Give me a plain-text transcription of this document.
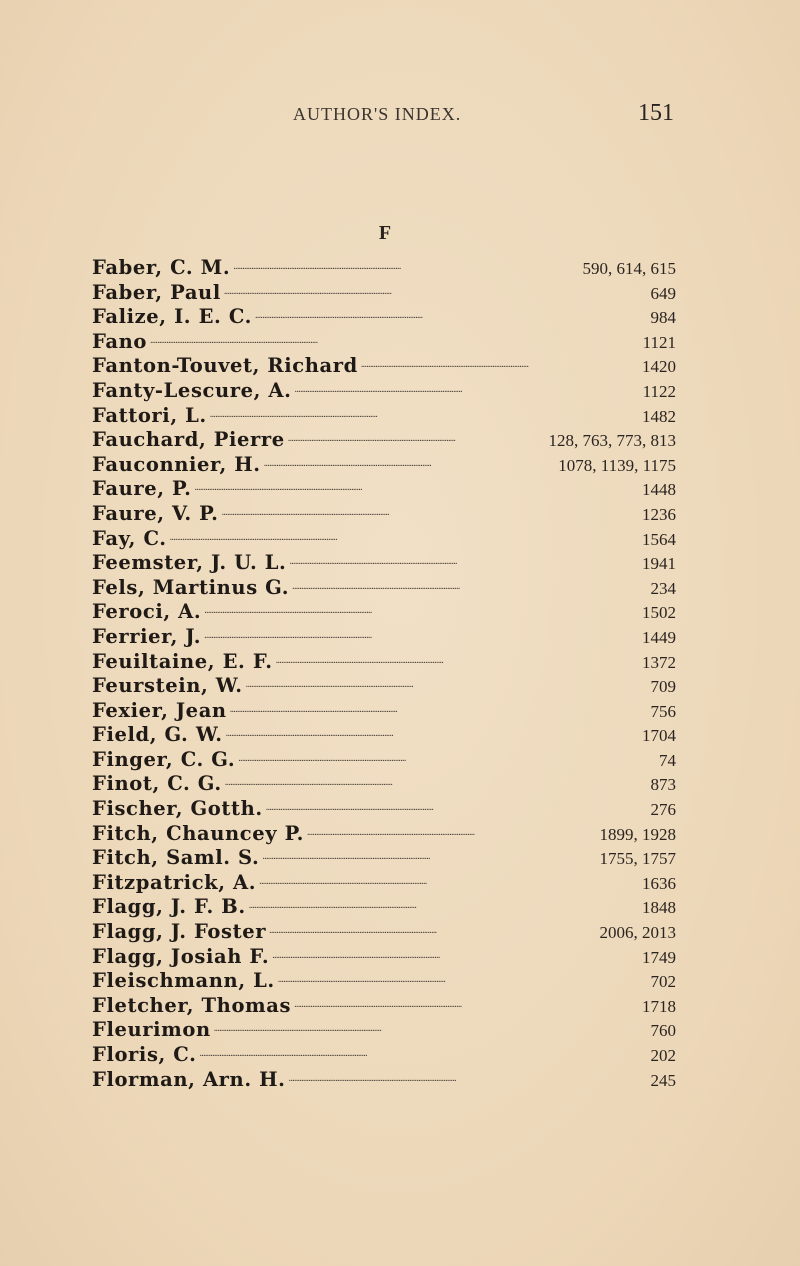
AUTHOR'S INDEX.	151
F
Faber, C. M. . . .	590, 614, 615
Faber, Paul . . .	649
Falize, I. E. C. . . .	984
Fano . . .	1121
Fanton-Touvet, Richard . . .	1420
Fanty-Lescure, A. . . .	1122
Fattori, L. . . .	1482
Fauchard, Pierre . . .	128, 763, 773, 813
Fauconnier, H. . . .	1078, 1139, 1175
Faure, P. . . .	1448
Faure, V. P. . . .	1236
Fay, C. . . .	1564
Feemster, J. U. L. . . .	1941
Fels, Martinus G. . . .	234
Feroci, A. . . .	1502
Ferrier, J. . . .	1449
Feuiltaine, E. F. . . .	1372
Feurstein, W. . . .	709
Fexier, Jean . . .	756
Field, G. W. . . .	1704
Finger, C. G. . . .	74
Finot, C. G. . . .	873
Fischer, Gotth. . . .	276
Fitch, Chauncey P. . . .	1899, 1928
Fitch, Saml. S. . . .	1755, 1757
Fitzpatrick, A. . . .	1636
Flagg, J. F. B. . . .	1848
Flagg, J. Foster . . .	2006, 2013
Flagg, Josiah F. . . .	1749
Fleischmann, L. . . .	702
Fletcher, Thomas . . .	1718
Fleurimon . . .	760
Floris, C. . . .	202
Florman, Arn. H. . . .	245
